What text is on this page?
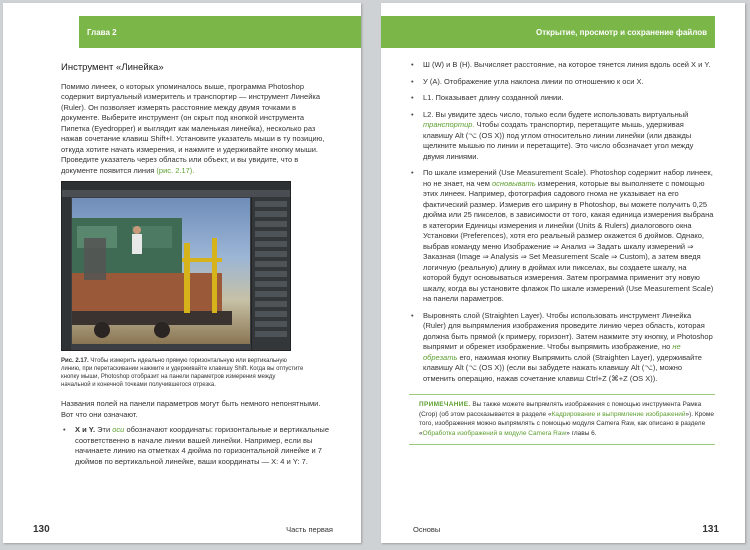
Глава 2
Инструмент «Линейка»

Помимо линеек, о которых упоминалось выше, программа Photoshop содержит виртуальный измеритель и транспортир — инструмент Линейка (Ruler). Он позволяет измерять расстояние между двумя точками в документе. Выберите инструмент (он скрыт под кнопкой инструмента Пипетка (Eyedropper) и выглядит как маленькая линейка), несколько раз нажав сочетание клавиш Shift+I. Установите указатель мыши в ту позицию, откуда хотите начать измерения, и нажмите и удерживайте кнопку мыши. Проведите указатель через область или объект, и вы увидите, что в документе появится линия (рис. 2.17).

Рис. 2.17. Чтобы измерить идеально прямую горизонтальную или вертикальную линию, при перетаскивании нажмите и удерживайте клавишу Shift. Когда вы отпустите кнопку мыши, Photoshop отобразит на панели параметров измерения между начальной и конечной точками получившегося отрезка.

Названия полей на панели параметров могут быть немного непонятными. Вот что они означают.

• X и Y. Эти оси обозначают координаты: горизонтальные и вертикальные соответственно в начале линии вашей линейки. Например, если вы начинаете линию на отметках 4 дюйма по горизонтальной линейке и 7 дюймов по вертикальной линейке, ваши координаты — X: 4 и Y: 7.
130	Часть первая
Открытие, просмотр и сохранение файлов
• Ш (W) и В (H). Вычисляет расстояние, на которое тянется линия вдоль осей X и Y.
• У (A). Отображение угла наклона линии по отношению к оси X.
• L1. Показывает длину созданной линии.
• L2. Вы увидите здесь число, только если будете использовать виртуальный транспортир. Чтобы создать транспортир, перетащите мышь, удерживая клавишу Alt (⌥ (OS X)) под углом относительно линии линейки (или дважды щелкните мышью по линии и перетащите). Это число обозначает угол между двумя линиями.
• По шкале измерений (Use Measurement Scale). Photoshop содержит набор линеек, но не знает, на чем основывать измерения, которые вы выполняете с помощью этих линеек. Например, фотография садового гнома не указывает на его фактический размер. Измерив его ширину в Photoshop, вы можете получить 0,25 дюйма или 25 пикселов, в зависимости от того, какая единица измерения выбрана в категории Единицы измерения и линейки (Units & Rulers) диалогового окна Установки (Preferences), хотя его реальный размер окажется 6 дюймов. Однако, выбрав команду меню Изображение ⇒ Анализ ⇒ Задать шкалу измерений ⇒ Заказная (Image ⇒ Analysis ⇒ Set Measurement Scale ⇒ Custom), а затем введя логичную (реальную) длину в дюймах или пикселах, вы создаете шкалу, на которой будут основываться измерения. Затем программа применит эту новую шкалу, когда вы установите флажок По шкале измерений (Use Measurement Scale) на панели параметров.
• Выровнять слой (Straighten Layer). Чтобы использовать инструмент Линейка (Ruler) для выпрямления изображения проведите линию через область, которая должна быть прямой (к примеру, горизонт). Затем нажмите эту кнопку, и Photoshop выпрямит и обрежет изображение. Чтобы выпрямить изображение, но не обрезать его, нажимая кнопку Выпрямить слой (Straighten Layer), удерживайте клавишу Alt (⌥ (OS X)) (если вы забудете нажать клавишу Alt (⌥), можно отменить операцию, нажав сочетание клавиш Ctrl+Z (⌘+Z (OS X)).
ПРИМЕЧАНИЕ. Вы также можете выпрямлять изображения с помощью инструмента Рамка (Crop) (об этом рассказывается в разделе «Кадрирование и выпрямление изображений»). Кроме того, изображения можно выпрямлять с помощью модуля Camera Raw, как описано в разделе «Обработка изображений в модуле Camera Raw» главы 6.
Основы	131
